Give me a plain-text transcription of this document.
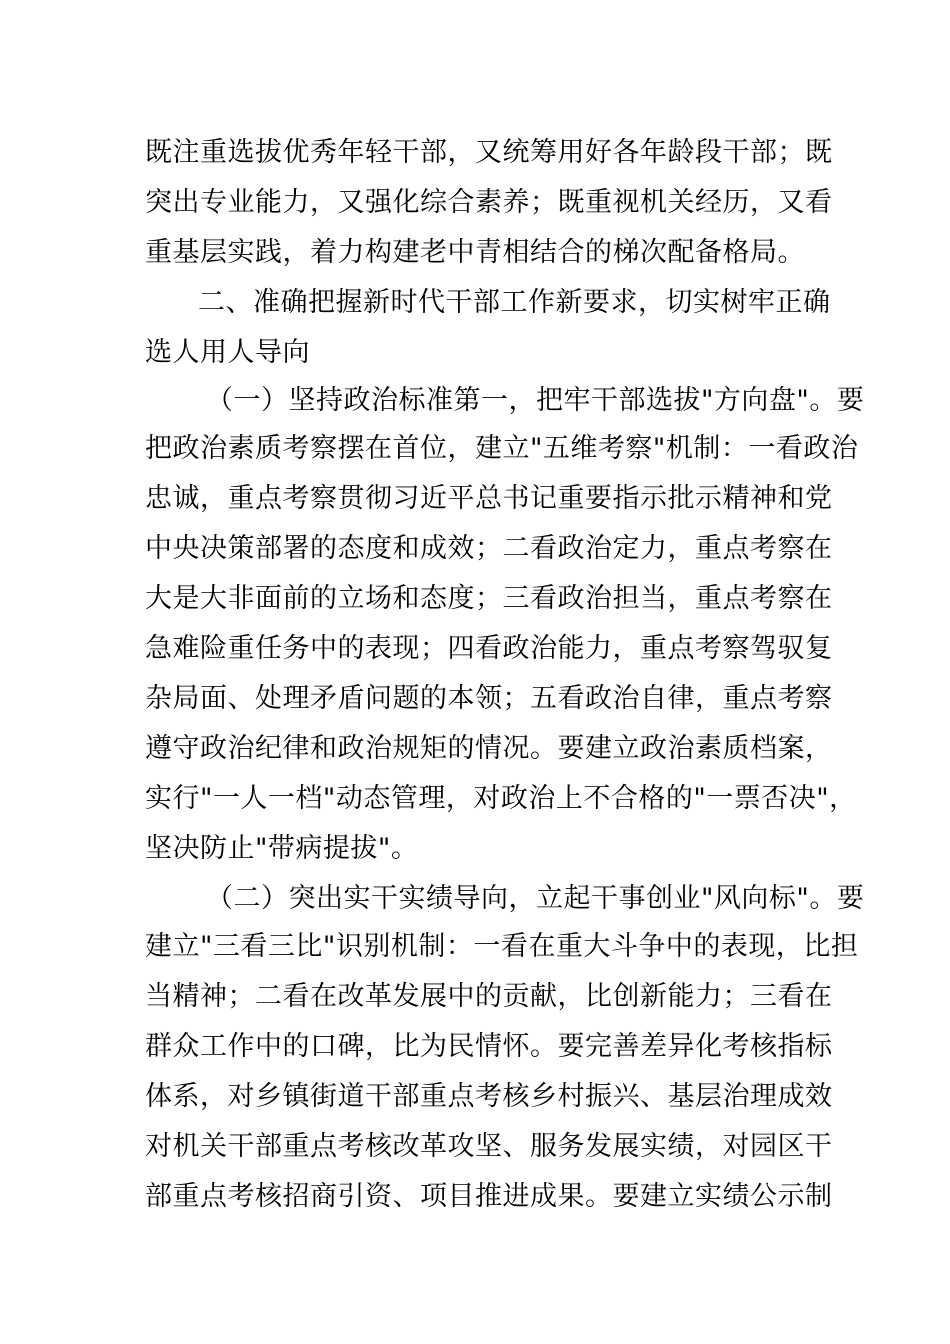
既注重选拔优秀年轻干部，又统筹用好各年龄段干部；既
突出专业能力，又强化综合素养；既重视机关经历，又看
重基层实践，着力构建老中青相结合的梯次配备格局。
二、准确把握新时代干部工作新要求，切实树牢正确
选人用人导向
（一）坚持政治标准第一，把牢干部选拔"方向盘"。要
把政治素质考察摆在首位，建立"五维考察"机制：一看政治
忠诚，重点考察贯彻习近平总书记重要指示批示精神和党
中央决策部署的态度和成效；二看政治定力，重点考察在
大是大非面前的立场和态度；三看政治担当，重点考察在
急难险重任务中的表现；四看政治能力，重点考察驾驭复
杂局面、处理矛盾问题的本领；五看政治自律，重点考察
遵守政治纪律和政治规矩的情况。要建立政治素质档案，
实行"一人一档"动态管理，对政治上不合格的"一票否决"，
坚决防止"带病提拔"。
（二）突出实干实绩导向，立起干事创业"风向标"。要
建立"三看三比"识别机制：一看在重大斗争中的表现，比担
当精神；二看在改革发展中的贡献，比创新能力；三看在
群众工作中的口碑，比为民情怀。要完善差异化考核指标
体系，对乡镇街道干部重点考核乡村振兴、基层治理成效
对机关干部重点考核改革攻坚、服务发展实绩，对园区干
部重点考核招商引资、项目推进成果。要建立实绩公示制
